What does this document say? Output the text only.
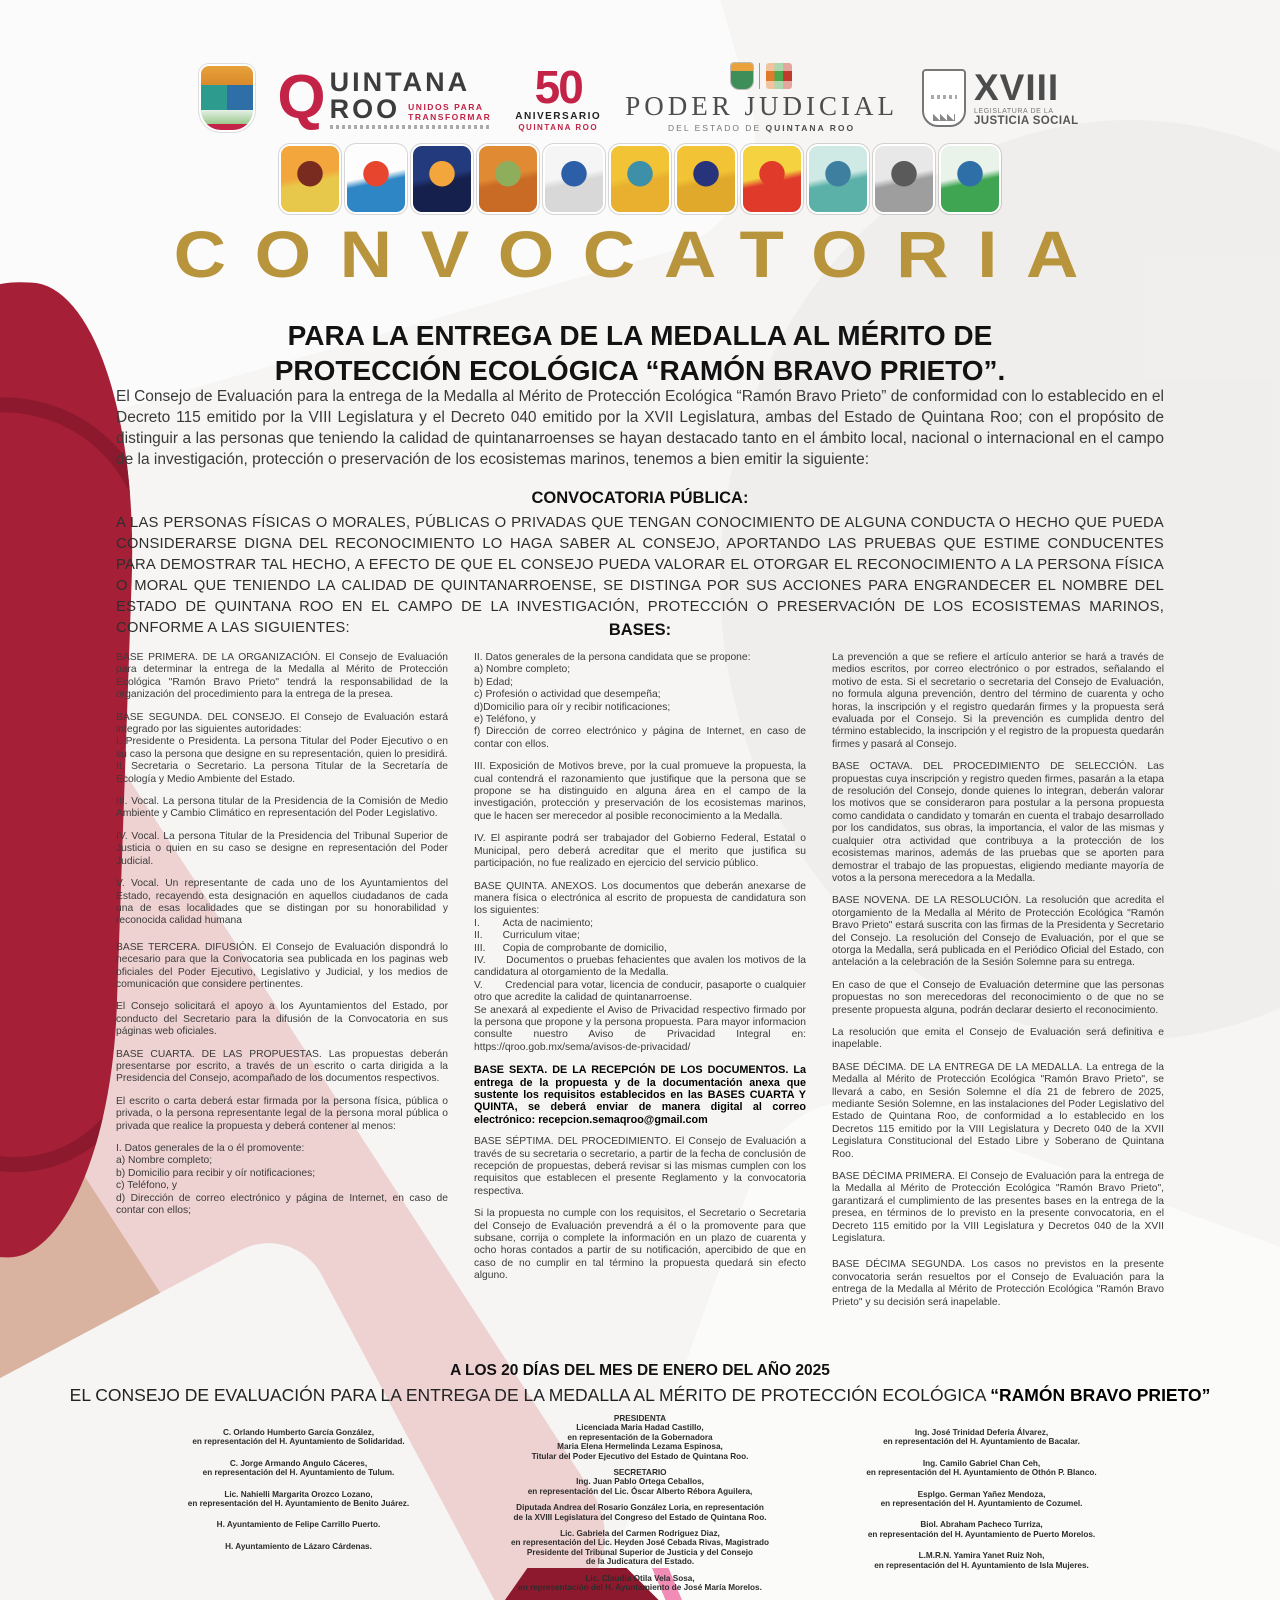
Q UINTANA
ROO UNIDOS PARA
TRANSFORMAR
50
ANIVERSARIO
QUINTANA ROO
PODER JUDICIAL
DEL ESTADO DE QUINTANA ROO
XVIII
LEGISLATURA DE LA
JUSTICIA SOCIAL
CONVOCATORIA
PARA LA ENTREGA DE LA MEDALLA AL MÉRITO DE
PROTECCIÓN ECOLÓGICA “RAMÓN BRAVO PRIETO”.
El Consejo de Evaluación para la entrega de la Medalla al Mérito de Protección Ecológica “Ramón Bravo Prieto” de conformidad con lo establecido en el Decreto 115 emitido por la VIII Legislatura y el Decreto 040 emitido por la XVII Legislatura, ambas del Estado de Quintana Roo; con el propósito de distinguir a las personas que teniendo la calidad de quintanarroenses se hayan destacado tanto en el ámbito local, nacional o internacional en el campo de la investigación, protección o preservación de los ecosistemas marinos, tenemos a bien emitir la siguiente:
CONVOCATORIA PÚBLICA:
A LAS PERSONAS FÍSICAS O MORALES, PÚBLICAS O PRIVADAS QUE TENGAN CONOCIMIENTO DE ALGUNA CONDUCTA O HECHO QUE PUEDA CONSIDERARSE DIGNA DEL RECONOCIMIENTO LO HAGA SABER AL CONSEJO, APORTANDO LAS PRUEBAS QUE ESTIME CONDUCENTES PARA DEMOSTRAR TAL HECHO, A EFECTO DE QUE EL CONSEJO PUEDA VALORAR EL OTORGAR EL RECONOCIMIENTO A LA PERSONA FÍSICA O MORAL QUE TENIENDO LA CALIDAD DE QUINTANARROENSE, SE DISTINGA POR SUS ACCIONES PARA ENGRANDECER EL NOMBRE DEL ESTADO DE QUINTANA ROO EN EL CAMPO DE LA INVESTIGACIÓN, PROTECCIÓN O PRESERVACIÓN DE LOS ECOSISTEMAS MARINOS, CONFORME A LAS SIGUIENTES:	BASES:

BASE PRIMERA. DE LA ORGANIZACIÓN. El Consejo de Evaluación para determinar la entrega de la Medalla al Mérito de Protección Ecológica "Ramón Bravo Prieto" tendrá la responsabilidad de la organización del procedimiento para la entrega de la presea.

BASE SEGUNDA. DEL CONSEJO. El Consejo de Evaluación estará integrado por las siguientes autoridades:
I. Presidente o Presidenta. La persona Titular del Poder Ejecutivo o en su caso la persona que designe en su representación, quien lo presidirá.
II. Secretaria o Secretario. La persona Titular de la Secretaría de Ecología y Medio Ambiente del Estado.

III. Vocal. La persona titular de la Presidencia de la Comisión de Medio Ambiente y Cambio Climático en representación del Poder Legislativo.

IV. Vocal. La persona Titular de la Presidencia del Tribunal Superior de Justicia o quien en su caso se designe en representación del Poder Judicial.

V. Vocal. Un representante de cada uno de los Ayuntamientos del Estado, recayendo esta designación en aquellos ciudadanos de cada una de esas localidades que se distingan por su honorabilidad y reconocida calidad humana

BASE TERCERA. DIFUSIÓN. El Consejo de Evaluación dispondrá lo necesario para que la Convocatoria sea publicada en los paginas web oficiales del Poder Ejecutivo, Legislativo y Judicial, y los medios de comunicación que considere pertinentes.

El Consejo solicitará el apoyo a los Ayuntamientos del Estado, por conducto del Secretario para la difusión de la Convocatoria en sus páginas web oficiales.

BASE CUARTA. DE LAS PROPUESTAS. Las propuestas deberán presentarse por escrito, a través de un escrito o carta dirigida a la Presidencia del Consejo, acompañado de los documentos respectivos.

El escrito o carta deberá estar firmada por la persona física, pública o privada, o la persona representante legal de la persona moral pública o privada que realice la propuesta y deberá contener al menos:

I. Datos generales de la o él promovente:
a) Nombre completo;
b) Domicilio para recibir y oír notificaciones;
c) Teléfono, y
d) Dirección de correo electrónico y página de Internet, en caso de contar con ellos;

II. Datos generales de la persona candidata que se propone:
a) Nombre completo;
b) Edad;
c) Profesión o actividad que desempeña;
d)Domicilio para oír y recibir notificaciones;
e) Teléfono, y
f) Dirección de correo electrónico y página de Internet, en caso de contar con ellos.

III. Exposición de Motivos breve, por la cual promueve la propuesta, la cual contendrá el razonamiento que justifique que la persona que se propone se ha distinguido en alguna área en el campo de la investigación, protección y preservación de los ecosistemas marinos, que le hacen ser merecedor al posible reconocimiento a la Medalla.

IV. El aspirante podrá ser trabajador del Gobierno Federal, Estatal o Municipal, pero deberá acreditar que el merito que justifica su participación, no fue realizado en ejercicio del servicio público.

BASE QUINTA. ANEXOS. Los documentos que deberán anexarse de manera física o electrónica al escrito de propuesta de candidatura son los siguientes:
I.        Acta de nacimiento;
II.       Curriculum vitae;
III.      Copia de comprobante de domicilio,
IV.      Documentos o pruebas fehacientes que avalen los motivos de la candidatura al otorgamiento de la Medalla.
V.       Credencial para votar, licencia de conducir, pasaporte o cualquier otro que acredite la calidad de quintanarroense.
Se anexará al expediente el Aviso de Privacidad respectivo firmado por la persona que propone y la persona propuesta. Para mayor informacion consulte nuestro Aviso de Privacidad Integral en: https://qroo.gob.mx/sema/avisos-de-privacidad/

BASE SEXTA. DE LA RECEPCIÓN DE LOS DOCUMENTOS. La entrega de la propuesta y de la documentación anexa que sustente los requisitos establecidos en las BASES CUARTA Y QUINTA, se deberá enviar de manera digital al correo electrónico: recepcion.semaqroo@gmail.com

BASE SÉPTIMA. DEL PROCEDIMIENTO. El Consejo de Evaluación a través de su secretaria o secretario, a partir de la fecha de conclusión de recepción de propuestas, deberá revisar si las mismas cumplen con los requisitos que establecen el presente Reglamento y la convocatoria respectiva.

Si la propuesta no cumple con los requisitos, el Secretario o Secretaria del Consejo de Evaluación prevendrá a él o la promovente para que subsane, corrija o complete la información en un plazo de cuarenta y ocho horas contados a partir de su notificación, apercibido de que en caso de no cumplir en tal término la propuesta quedará sin efecto alguno.

La prevención a que se refiere el artículo anterior se hará a través de medios escritos, por correo electrónico o por estrados, señalando el motivo de esta. Si el secretario o secretaria del Consejo de Evaluación, no formula alguna prevención, dentro del término de cuarenta y ocho horas, la inscripción y el registro quedarán firmes y la propuesta será evaluada por el Consejo. Si la prevención es cumplida dentro del término establecido, la inscripción y el registro de la propuesta quedarán firmes y pasará al Consejo.

BASE OCTAVA. DEL PROCEDIMIENTO DE SELECCIÓN. Las propuestas cuya inscripción y registro queden firmes, pasarán a la etapa de resolución del Consejo, donde quienes lo integran, deberán valorar los motivos que se consideraron para postular a la persona propuesta como candidata o candidato y tomarán en cuenta el trabajo desarrollado por los candidatos, sus obras, la importancia, el valor de las mismas y cualquier otra actividad que contribuya a la protección de los ecosistemas marinos, además de las pruebas que se aporten para demostrar el trabajo de las propuestas, eligiendo mediante mayoría de votos a la persona merecedora a la Medalla.

BASE NOVENA. DE LA RESOLUCIÓN. La resolución que acredita el otorgamiento de la Medalla al Mérito de Protección Ecológica "Ramón Bravo Prieto" estará suscrita con las firmas de la Presidenta y Secretario del Consejo. La resolución del Consejo de Evaluación, por el que se otorga la Medalla, será publicada en el Periódico Oficial del Estado, con antelación a la celebración de la Sesión Solemne para su entrega.

En caso de que el Consejo de Evaluación determine que las personas propuestas no son merecedoras del reconocimiento o de que no se presente propuesta alguna, podrán declarar desierto el reconocimiento.

La resolución que emita el Consejo de Evaluación será definitiva e inapelable.

BASE DÉCIMA. DE LA ENTREGA DE LA MEDALLA. La entrega de la Medalla al Mérito de Protección Ecológica "Ramón Bravo Prieto", se llevará a cabo, en Sesión Solemne el día 21 de febrero de 2025, mediante Sesión Solemne, en las instalaciones del Poder Legislativo del Estado de Quintana Roo, de conformidad a lo establecido en los Decretos 115 emitido por la VIII Legislatura y Decreto 040 de la XVII Legislatura Constitucional del Estado Libre y Soberano de Quintana Roo.

BASE DÉCIMA PRIMERA. El Consejo de Evaluación para la entrega de la Medalla al Mérito de Protección Ecológica "Ramón Bravo Prieto", garantizará el cumplimiento de las presentes bases en la entrega de la presea, en términos de lo previsto en la presente convocatoria, en el Decreto 115 emitido por la VIII Legislatura y Decretos 040 de la XVII Legislatura.

BASE DÉCIMA SEGUNDA. Los casos no previstos en la presente convocatoria serán resueltos por el Consejo de Evaluación para la entrega de la Medalla al Mérito de Protección Ecológica "Ramón Bravo Prieto" y su decisión será inapelable.

A LOS 20 DÍAS DEL MES DE ENERO DEL AÑO 2025
EL CONSEJO DE EVALUACIÓN PARA LA ENTREGA DE LA MEDALLA AL MÉRITO DE PROTECCIÓN ECOLÓGICA “RAMÓN BRAVO PRIETO”

C. Orlando Humberto García González,
en representación del H. Ayuntamiento de Solidaridad.

C. Jorge Armando Angulo Cáceres,
en representación del H. Ayuntamiento de Tulum.

Lic. Nahielli Margarita Orozco Lozano,
en representación del H. Ayuntamiento de Benito Juárez.

H. Ayuntamiento de Felipe Carrillo Puerto.

H. Ayuntamiento de Lázaro Cárdenas.

PRESIDENTA
Licenciada Maria Hadad Castillo,
en representación de la Gobernadora
Maria Elena Hermelinda Lezama Espinosa,
Titular del Poder Ejecutivo del Estado de Quintana Roo.

SECRETARIO
Ing. Juan Pablo Ortega Ceballos,
en representación del Lic. Óscar Alberto Rébora Aguilera,

Diputada Andrea del Rosario González Loria, en representación
de la XVIII Legislatura del Congreso del Estado de Quintana Roo.

Lic. Gabriela del Carmen Rodriguez Diaz,
en representación del Lic. Heyden José Cebada Rivas, Magistrado
Presidente del Tribunal Superior de Justicia y del Consejo
de la Judicatura del Estado.

Lic. Claudia Otila Vela Sosa,
en representación del H. Ayuntamiento de José María Morelos.

Ing. José Trinidad Deferia Álvarez,
en representación del H. Ayuntamiento de Bacalar.

Ing. Camilo Gabriel Chan Ceh,
en representación del H. Ayuntamiento de Othón P. Blanco.

Esplgo. German Yañez Mendoza,
en representación del H. Ayuntamiento de Cozumel.

Biol. Abraham Pacheco Turriza,
en representación del H. Ayuntamiento de Puerto Morelos.

L.M.R.N. Yamira Yanet Ruiz Noh,
en representación del H. Ayuntamiento de Isla Mujeres.
